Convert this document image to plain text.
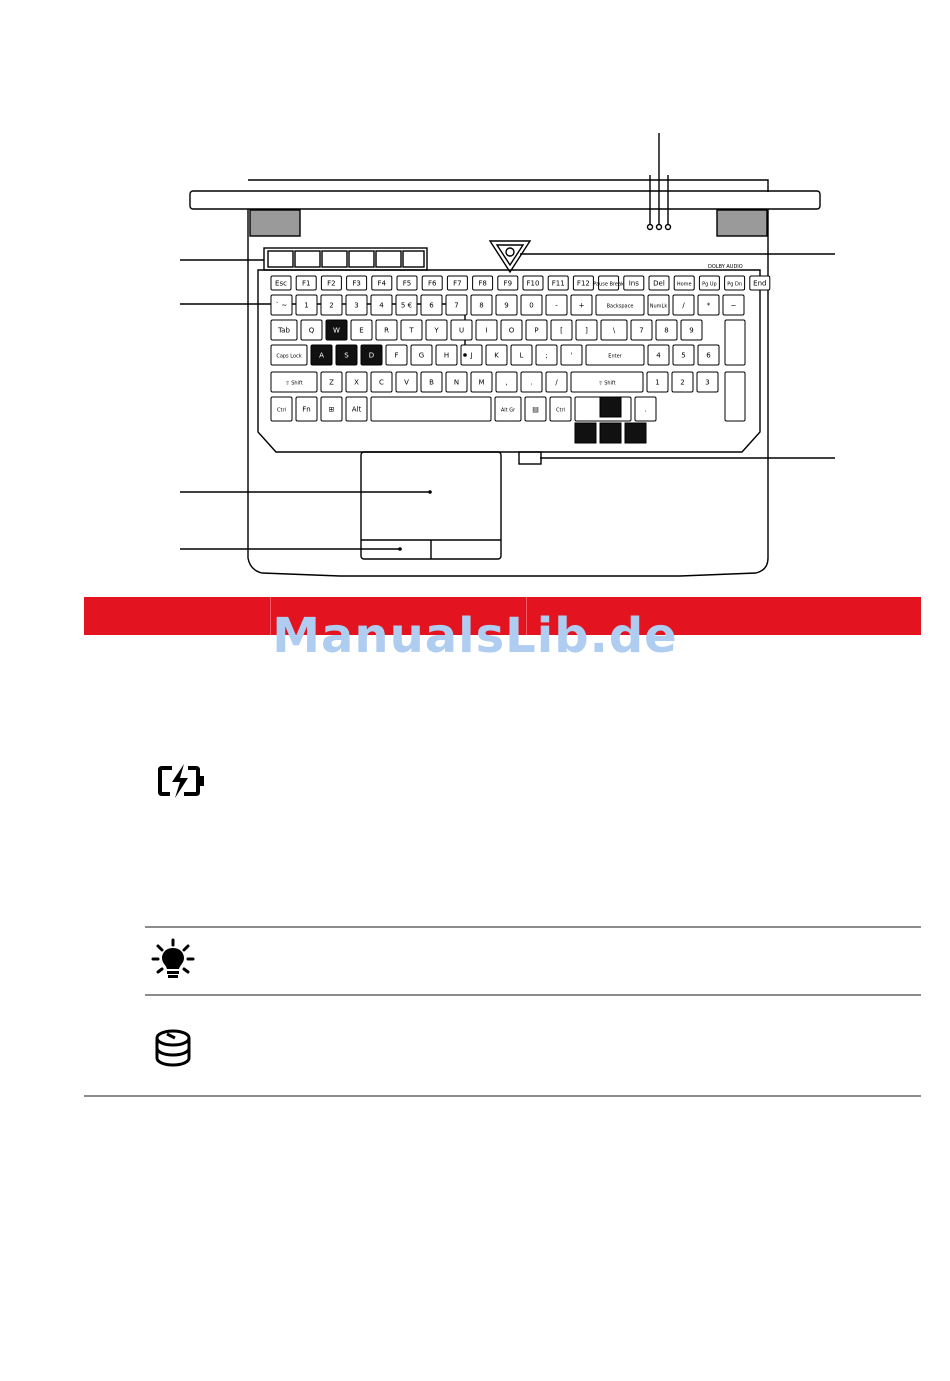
Esc F1 F2 F3 F4 F5 F6 F7 F8 F9 F10 F11 F12 Pause Break Ins Del Home Pg Up Pg Dn End
` ~ 1	2	3	4 5 € 6	7	8	9	0	-	+	Backspace	NumLk /	*	−
Tab	Q	W	E	R	T	Y	U	I	O	P	[	]	\	7	8	9
Caps Lock A	S	D	F	G	H	J	K	L	;	'	Enter	4	5	6
⇧ Shift	Z	X	C	V	B	N	M	,	.	/	⇧ Shift	1	2	3
Ctrl Fn	⊞ Alt	Alt Gr ▤	Ctrl	.
DOLBY AUDIO
ManualsLib.de
